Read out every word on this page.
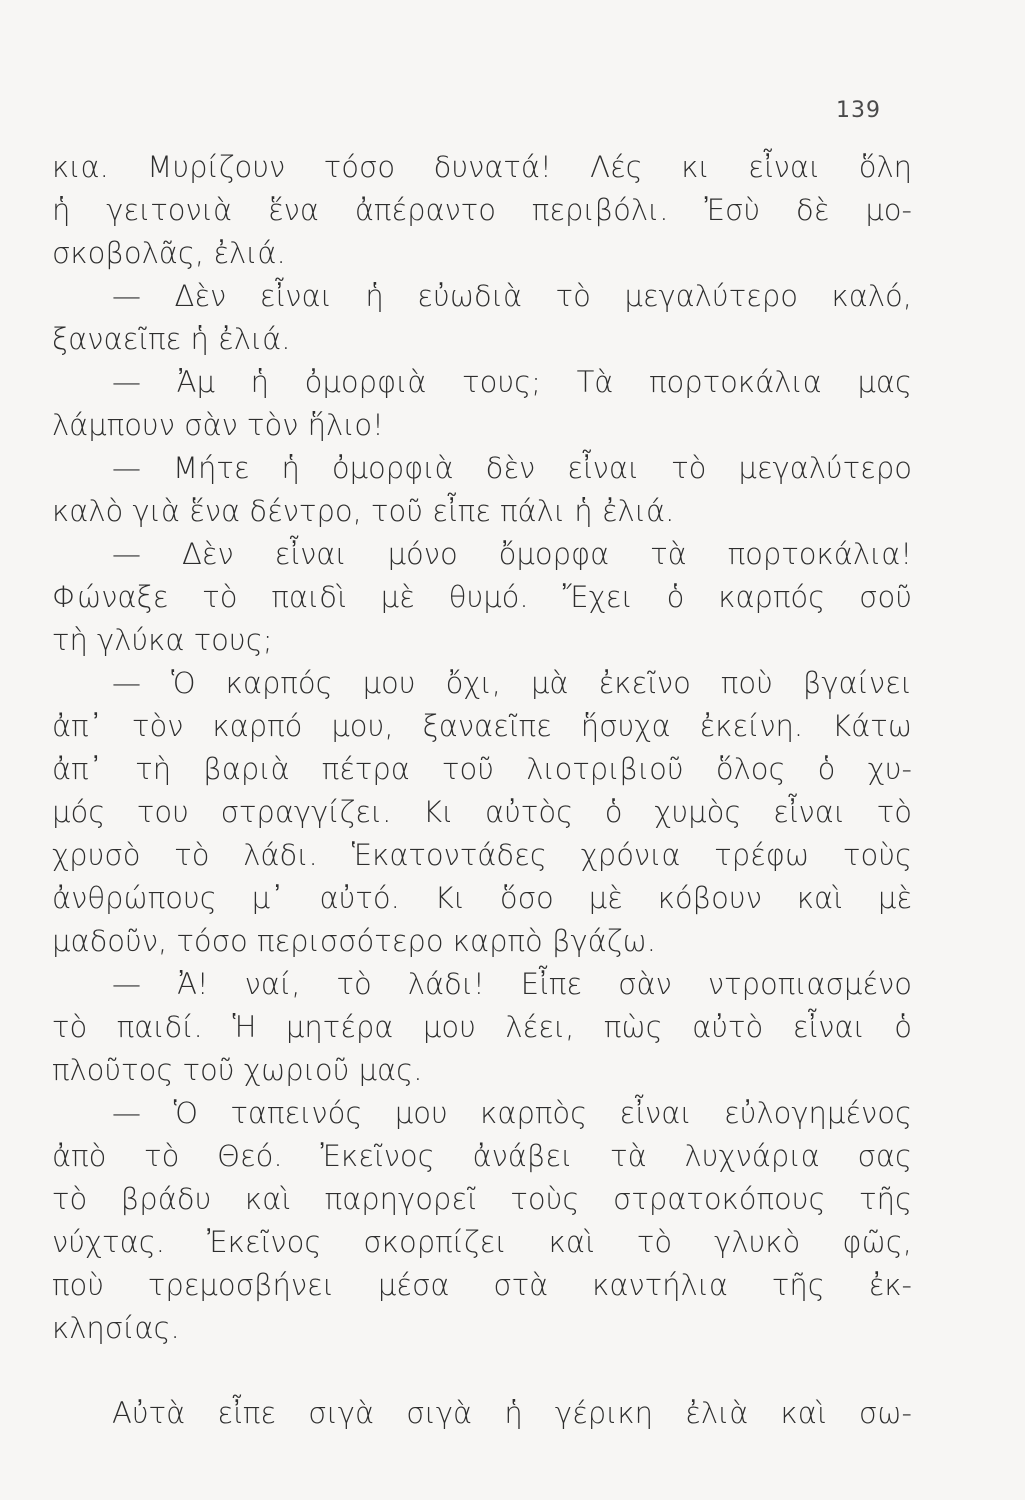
139
κια. Μυρίζουν τόσο δυνατά! Λές κι εἶναι ὅλη
ἡ γειτονιὰ ἕνα ἀπέραντο περιβόλι. Ἐσὺ δὲ μο-
σκοβολᾶς, ἐλιά.
— Δὲν εἶναι ἡ εὐωδιὰ τὸ μεγαλύτερο καλό,
ξαναεῖπε ἡ ἐλιά.
— Ἀμ ἡ ὀμορφιὰ τους; Τὰ πορτοκάλια μας
λάμπουν σὰν τὸν ἥλιο!
— Μήτε ἡ ὀμορφιὰ δὲν εἶναι τὸ μεγαλύτερο
καλὸ γιὰ ἕνα δέντρο, τοῦ εἶπε πάλι ἡ ἐλιά.
— Δὲν εἶναι μόνο ὄμορφα τὰ πορτοκάλια!
Φώναξε τὸ παιδὶ μὲ θυμό. Ἔχει ὁ καρπός σοῦ
τὴ γλύκα τους;
— Ὁ καρπός μου ὄχι, μὰ ἐκεῖνο ποὺ βγαίνει
ἀπ᾽ τὸν καρπό μου, ξαναεῖπε ἥσυχα ἐκείνη. Κάτω
ἀπ᾽ τὴ βαριὰ πέτρα τοῦ λιοτριβιοῦ ὅλος ὁ χυ-
μός του στραγγίζει. Κι αὐτὸς ὁ χυμὸς εἶναι τὸ
χρυσὸ τὸ λάδι. Ἑκατοντάδες χρόνια τρέφω τοὺς
ἀνθρώπους μ᾽ αὐτό. Κι ὅσο μὲ κόβουν καὶ μὲ
μαδοῦν, τόσο περισσότερο καρπὸ βγάζω.
— Ἀ! ναί, τὸ λάδι! Εἶπε σὰν ντροπιασμένο
τὸ παιδί. Ἡ μητέρα μου λέει, πὼς αὐτὸ εἶναι ὁ
πλοῦτος τοῦ χωριοῦ μας.
— Ὁ ταπεινός μου καρπὸς εἶναι εὐλογημένος
ἀπὸ τὸ Θεό. Ἐκεῖνος ἀνάβει τὰ λυχνάρια σας
τὸ βράδυ καὶ παρηγορεῖ τοὺς στρατοκόπους τῆς
νύχτας. Ἐκεῖνος σκορπίζει καὶ τὸ γλυκὸ φῶς,
ποὺ τρεμοσβήνει μέσα στὰ καντήλια τῆς ἐκ-
κλησίας.
Αὐτὰ εἶπε σιγὰ σιγὰ ἡ γέρικη ἐλιὰ καὶ σω-
